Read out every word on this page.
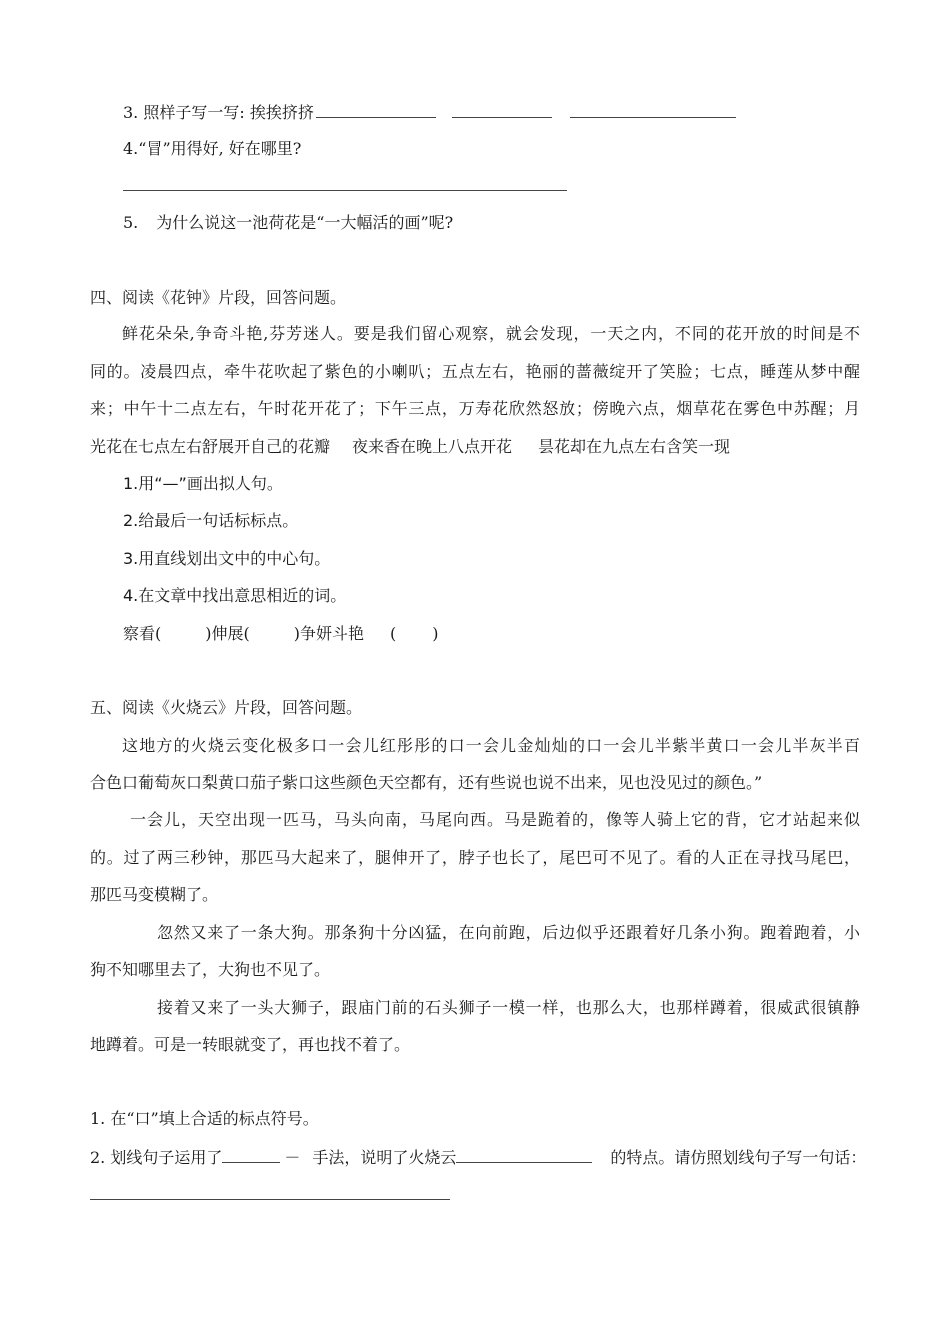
3. 照样子写一写: 挨挨挤挤
4.“冒”用得好, 好在哪里?
5. 为什么说这一池荷花是“一大幅活的画”呢?
四、阅读《花钟》片段，回答问题。
鲜花朵朵,争奇斗艳,芬芳迷人。要是我们留心观察，就会发现，一天之内，不同的花开放的时间是不
同的。凌晨四点，牵牛花吹起了紫色的小喇叭；五点左右，艳丽的蔷薇绽开了笑脸；七点，睡莲从梦中醒
来；中午十二点左右，午时花开花了；下午三点，万寿花欣然怒放；傍晚六点，烟草花在雾色中苏醒；月
光花在七点左右舒展开自己的花瓣 夜来香在晚上八点开花 昙花却在九点左右含笑一现
1.用“—”画出拟人句。
2.给最后一句话标标点。
3.用直线划出文中的中心句。
4.在文章中找出意思相近的词。
察看(	)伸展(	)争妍斗艳 ( )
五、阅读《火烧云》片段，回答问题。
这地方的火烧云变化极多口一会儿红彤彤的口一会儿金灿灿的口一会儿半紫半黄口一会儿半灰半百
合色口葡萄灰口梨黄口茄子紫口这些颜色天空都有，还有些说也说不出来，见也没见过的颜色。”
一会儿，天空出现一匹马，马头向南，马尾向西。马是跪着的，像等人骑上它的背，它才站起来似
的。过了两三秒钟，那匹马大起来了，腿伸开了，脖子也长了，尾巴可不见了。看的人正在寻找马尾巴，
那匹马变模糊了。
忽然又来了一条大狗。那条狗十分凶猛，在向前跑，后边似乎还跟着好几条小狗。跑着跑着，小
狗不知哪里去了，大狗也不见了。
接着又来了一头大狮子，跟庙门前的石头狮子一模一样，也那么大，也那样蹲着，很威武很镇静
地蹲着。可是一转眼就变了，再也找不着了。
1. 在“口”填上合适的标点符号。
2. 划线句子运用了	－ 手法，说明了火烧云	的特点。请仿照划线句子写一句话：
